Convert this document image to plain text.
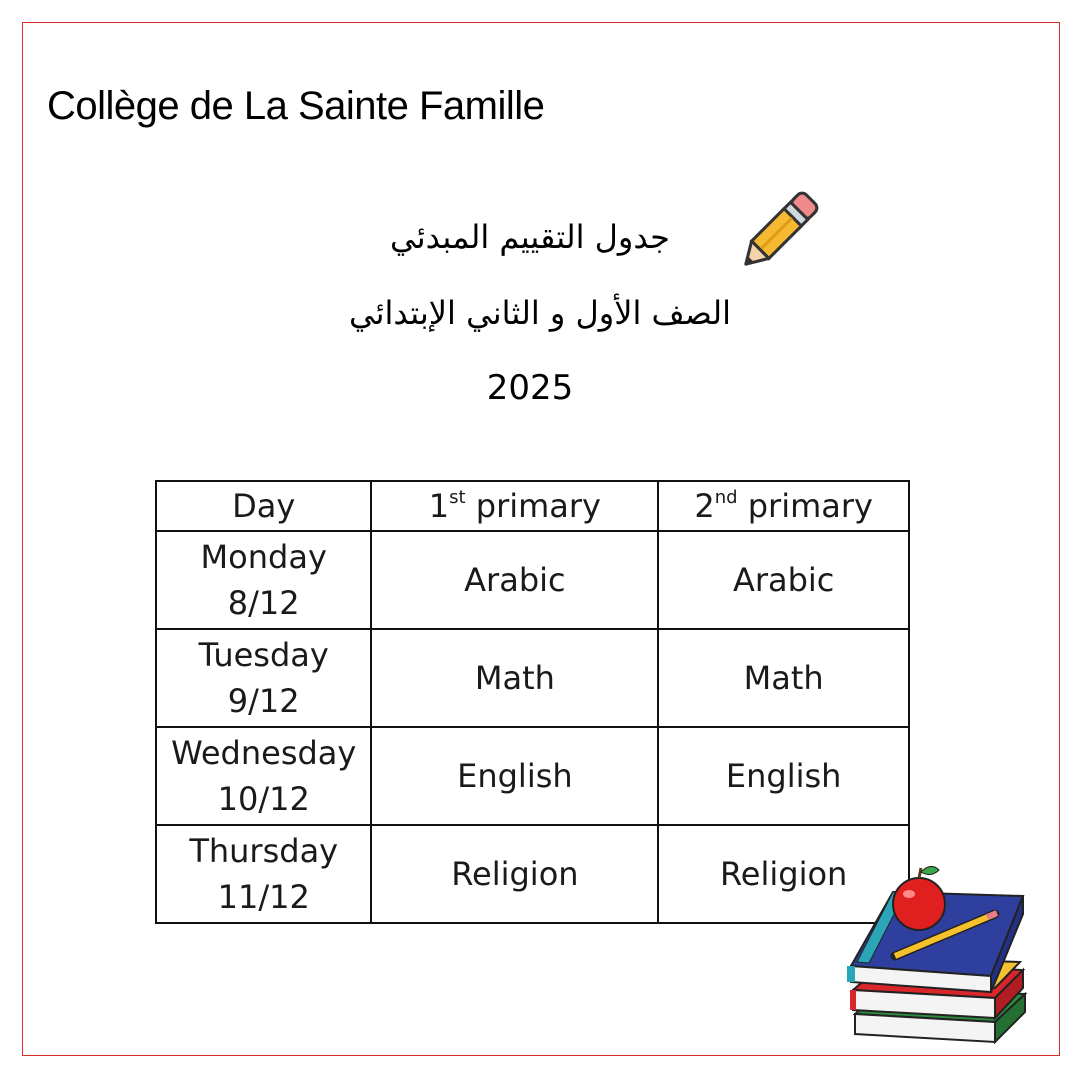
Collège de La Sainte Famille
جدول التقييم المبدئي
الصف الأول و الثاني الإبتدائي
2025
Day	1st primary	2nd primary

Monday
8/12	Arabic	Arabic

Tuesday
9/12	Math	Math

Wednesday
10/12	English	English

Thursday
11/12	Religion	Religion
